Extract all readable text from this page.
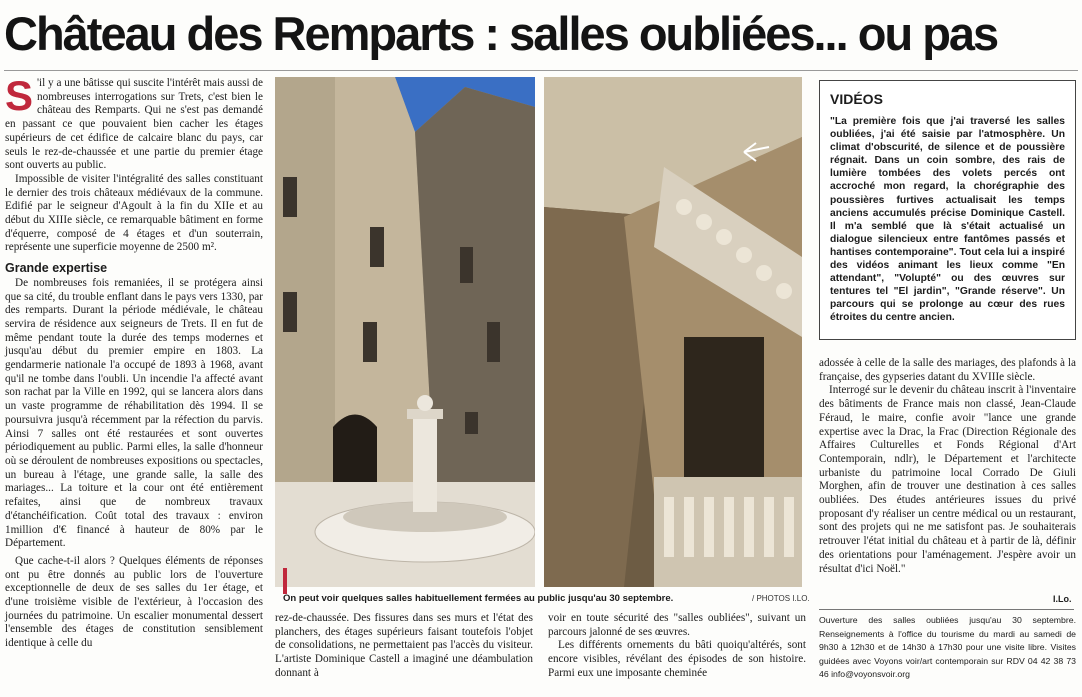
Château des Remparts : salles oubliées... ou pas

S 'il y a une bâtisse qui suscite l'intérêt mais aussi de nombreuses interrogations sur Trets, c'est bien le château des Remparts. Qui ne s'est pas demandé en passant ce que pouvaient bien cacher les étages supérieurs de cet édifice de calcaire blanc du pays, car seuls le rez-de-chaussée et une partie du premier étage sont ouverts au public.

Impossible de visiter l'intégralité des salles constituant le dernier des trois châteaux médiévaux de la commune. Edifié par le seigneur d'Agoult à la fin du XIIe et au début du XIIIe siècle, ce remarquable bâtiment en forme d'équerre, composé de 4 étages et d'un souterrain, représente une superficie moyenne de 2500 m².

Grande expertise

De nombreuses fois remaniées, il se protégera ainsi que sa cité, du trouble enflant dans le pays vers 1330, par des remparts. Durant la période médiévale, le château servira de résidence aux seigneurs de Trets. Il en fut de même pendant toute la durée des temps modernes et jusqu'au début du premier empire en 1803. La gendarmerie nationale l'a occupé de 1893 à 1968, avant qu'il ne tombe dans l'oubli. Un incendie l'a affecté avant son rachat par la Ville en 1992, qui se lancera alors dans un vaste programme de réhabilitation dès 1994. Il se poursuivra jusqu'à récemment par la réfection du parvis. Ainsi 7 salles ont été restaurées et sont ouvertes périodiquement au public. Parmi elles, la salle d'honneur où se déroulent de nombreuses expositions ou spectacles, un bureau à l'étage, une grande salle, la salle des mariages... La toiture et la cour ont été entièrement refaites, ainsi que de nombreux travaux d'étanchéification. Coût total des travaux : environ 1million d'€ financé à hauteur de 80% par le Département.

Que cache-t-il alors ? Quelques éléments de réponses ont pu être donnés au public lors de l'ouverture exceptionnelle de deux de ses salles du 1er étage, et d'une troisième visible de l'extérieur, à l'occasion des journées du patrimoine. Un escalier monumental dessert l'ensemble des étages de constitution sensiblement identique à celle du

On peut voir quelques salles habituellement fermées au public jusqu'au 30 septembre.	/ PHOTOS I.LO.

rez-de-chaussée. Des fissures dans ses murs et l'état des planchers, des étages supérieurs faisant toutefois l'objet de consolidations, ne permettaient pas l'accès du visiteur. L'artiste Dominique Castell a imaginé une déambulation donnant à

voir en toute sécurité des "salles oubliées", suivant un parcours jalonné de ses œuvres.

Les différents ornements du bâti quoiqu'altérés, sont encore visibles, révélant des épisodes de son histoire. Parmi eux une imposante cheminée

VIDÉOS
"La première fois que j'ai traversé les salles oubliées, j'ai été saisie par l'atmosphère. Un climat d'obscurité, de silence et de poussière régnait. Dans un coin sombre, des rais de lumière tombées des volets percés ont accroché mon regard, la chorégraphie des poussières furtives actualisait les temps anciens accumulés précise Dominique Castell. Il m'a semblé que là s'était actualisé un dialogue silencieux entre fantômes passés et hantises contemporaine". Tout cela lui a inspiré des vidéos animant les lieux comme "En attendant", "Volupté" ou des œuvres sur tentures tel "El jardin", "Grande réserve". Un parcours qui se prolonge au cœur des rues étroites du centre ancien.

adossée à celle de la salle des mariages, des plafonds à la française, des gypseries datant du XVIIIe siècle.

Interrogé sur le devenir du château inscrit à l'inventaire des bâtiments de France mais non classé, Jean-Claude Féraud, le maire, confie avoir "lance une grande expertise avec la Drac, la Frac (Direction Régionale des Affaires Culturelles et Fonds Régional d'Art Contemporain, ndlr), le Département et l'architecte urbaniste du patrimoine local Corrado De Giuli Morghen, afin de trouver une destination à ces salles oubliées. Des études antérieures issues du privé proposant d'y réaliser un centre médical ou un restaurant, sont des projets qui ne me satisfont pas. Je souhaiterais retrouver l'état initial du château et à partir de là, définir des orientations pour l'aménagement. J'espère avoir un résultat d'ici Noël."

I.Lo.
Ouverture des salles oubliées jusqu'au 30 septembre. Renseignements à l'office du tourisme du mardi au samedi de 9h30 à 12h30 et de 14h30 à 17h30 pour une visite libre. Visites guidées avec Voyons voir/art contemporain sur RDV 04 42 38 73 46 info@voyonsvoir.org
